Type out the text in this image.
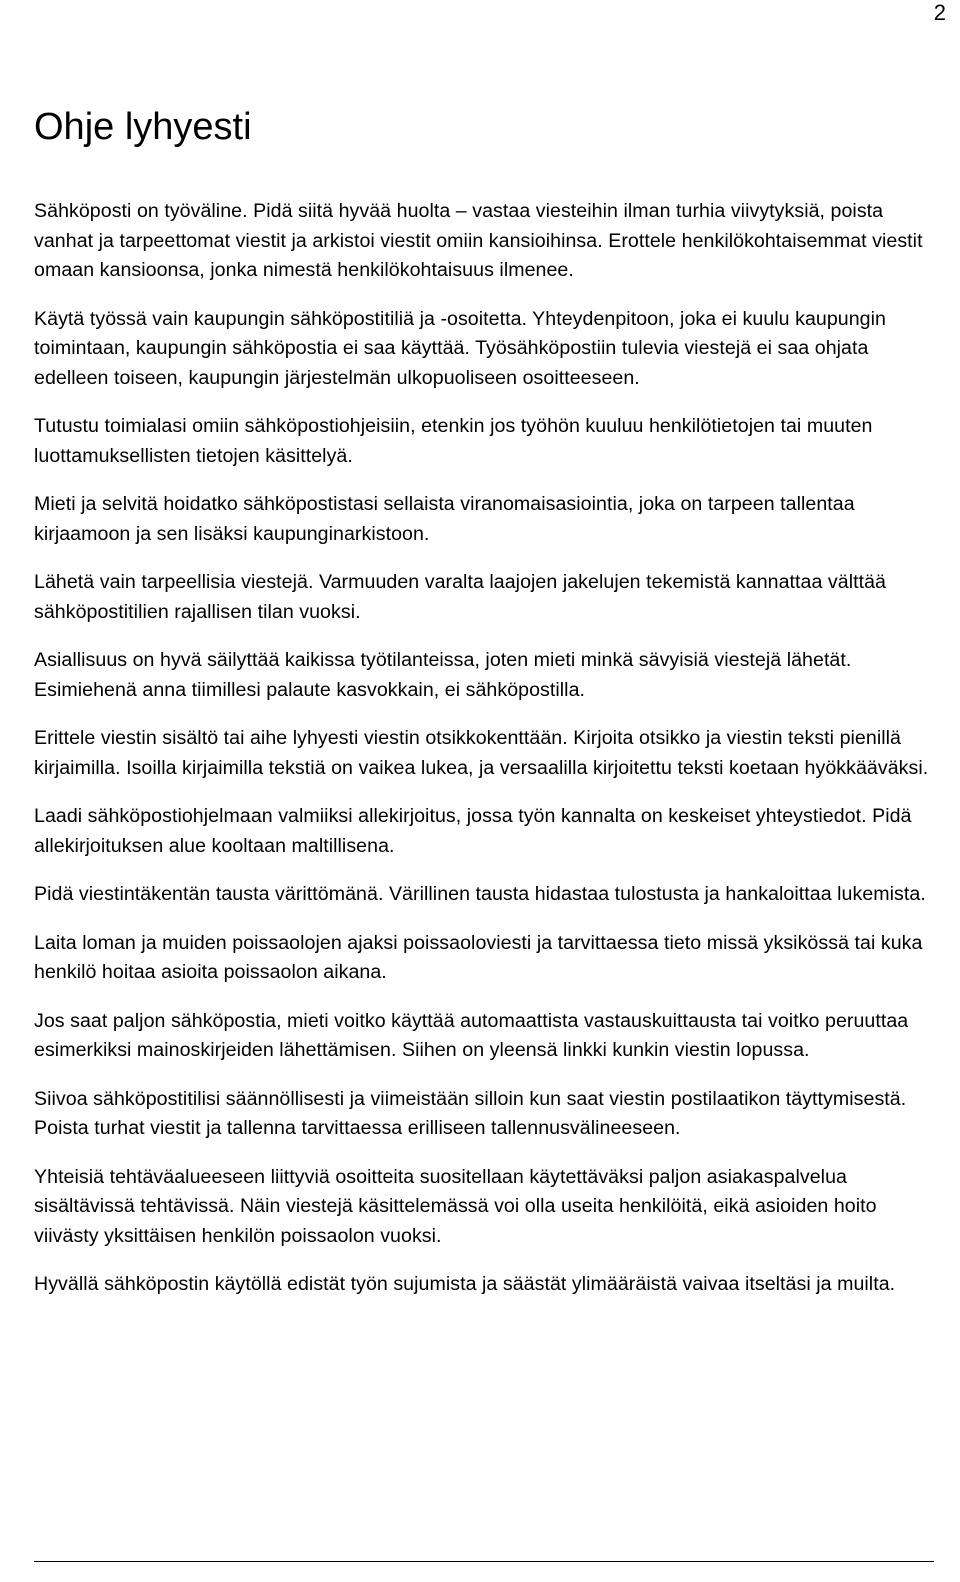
2
Ohje lyhyesti

Sähköposti on työväline. Pidä siitä hyvää huolta – vastaa viesteihin ilman turhia viivytyksiä, poista vanhat ja tarpeettomat viestit ja arkistoi viestit omiin kansioihinsa. Erottele henkilökohtaisemmat viestit omaan kansioonsa, jonka nimestä henkilökohtaisuus ilmenee.

Käytä työssä vain kaupungin sähköpostitiliä ja -osoitetta. Yhteydenpitoon, joka ei kuulu kaupungin toimintaan, kaupungin sähköpostia ei saa käyttää. Työsähköpostiin tulevia viestejä ei saa ohjata edelleen toiseen, kaupungin järjestelmän ulkopuoliseen osoitteeseen.

Tutustu toimialasi omiin sähköpostiohjeisiin, etenkin jos työhön kuuluu henkilötietojen tai muuten luottamuksellisten tietojen käsittelyä.

Mieti ja selvitä hoidatko sähköpostistasi sellaista viranomaisasiointia, joka on tarpeen tallentaa kirjaamoon ja sen lisäksi kaupunginarkistoon.

Lähetä vain tarpeellisia viestejä. Varmuuden varalta laajojen jakelujen tekemistä kannattaa välttää sähköpostitilien rajallisen tilan vuoksi.

Asiallisuus on hyvä säilyttää kaikissa työtilanteissa, joten mieti minkä sävyisiä viestejä lähetät. Esimiehenä anna tiimillesi palaute kasvokkain, ei sähköpostilla.

Erittele viestin sisältö tai aihe lyhyesti viestin otsikkokenttään. Kirjoita otsikko ja viestin teksti pienillä kirjaimilla. Isoilla kirjaimilla tekstiä on vaikea lukea, ja versaalilla kirjoitettu teksti koetaan hyökkääväksi.

Laadi sähköpostiohjelmaan valmiiksi allekirjoitus, jossa työn kannalta on keskeiset yhteystiedot. Pidä allekirjoituksen alue kooltaan maltillisena.

Pidä viestintäkentän tausta värittömänä. Värillinen tausta hidastaa tulostusta ja hankaloittaa lukemista.

Laita loman ja muiden poissaolojen ajaksi poissaoloviesti ja tarvittaessa tieto missä yksikössä tai kuka henkilö hoitaa asioita poissaolon aikana.

Jos saat paljon sähköpostia, mieti voitko käyttää automaattista vastauskuittausta tai voitko peruuttaa esimerkiksi mainoskirjeiden lähettämisen. Siihen on yleensä linkki kunkin viestin lopussa.

Siivoa sähköpostitilisi säännöllisesti ja viimeistään silloin kun saat viestin postilaatikon täyttymisestä. Poista turhat viestit ja tallenna tarvittaessa erilliseen tallennusvälineeseen.

Yhteisiä tehtäväalueeseen liittyviä osoitteita suositellaan käytettäväksi paljon asiakaspalvelua sisältävissä tehtävissä. Näin viestejä käsittelemässä voi olla useita henkilöitä, eikä asioiden hoito viivästy yksittäisen henkilön poissaolon vuoksi.

Hyvällä sähköpostin käytöllä edistät työn sujumista ja säästät ylimääräistä vaivaa itseltäsi ja muilta.
